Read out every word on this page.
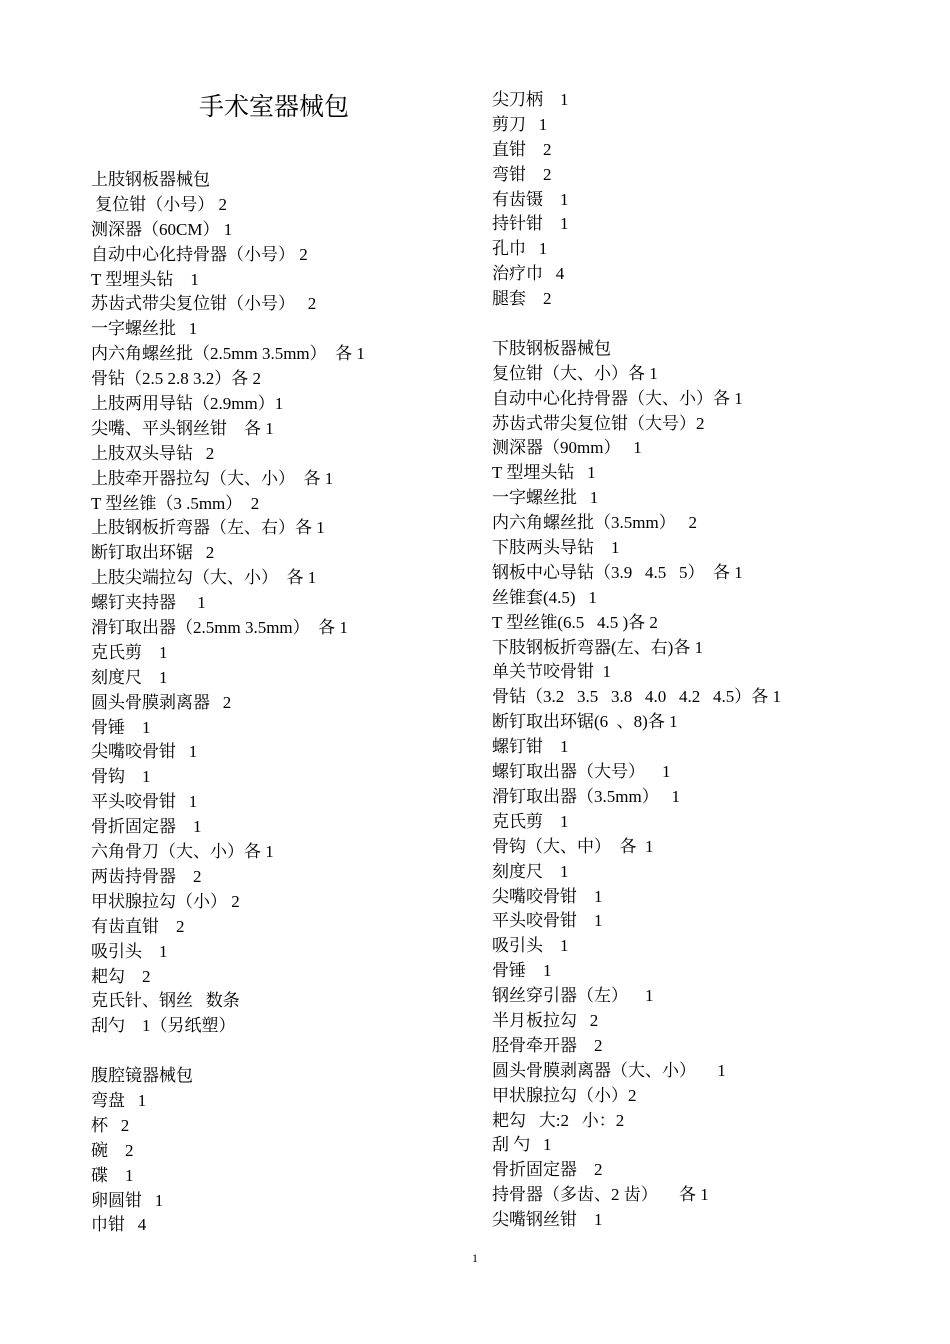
手术室器械包
上肢钢板器械包
复位钳（小号） 2
测深器（60CM） 1
自动中心化持骨器（小号） 2
T 型埋头钻    1
苏齿式带尖复位钳（小号）   2
一字螺丝批   1
内六角螺丝批（2.5mm 3.5mm）  各 1
骨钻（2.5 2.8 3.2）各 2
上肢两用导钻（2.9mm）1
尖嘴、平头钢丝钳    各 1
上肢双头导钻   2
上肢牵开器拉勾（大、小）  各 1
T 型丝锥（3 .5mm）  2
上肢钢板折弯器（左、右）各 1
断钉取出环锯   2
上肢尖端拉勾（大、小）  各 1
螺钉夹持器     1
滑钉取出器（2.5mm 3.5mm）  各 1
克氏剪    1
刻度尺    1
圆头骨膜剥离器   2
骨锤    1
尖嘴咬骨钳   1
骨钩    1
平头咬骨钳   1
骨折固定器    1
六角骨刀（大、小）各 1
两齿持骨器    2
甲状腺拉勾（小） 2
有齿直钳    2
吸引头    1
耙勾    2
克氏针、钢丝   数条
刮勺    1（另纸塑）
腹腔镜器械包
弯盘   1
杯   2
碗    2
碟    1
卵圆钳   1
巾钳   4
尖刀柄    1
剪刀   1
直钳    2
弯钳    2
有齿镊    1
持针钳    1
孔巾   1
治疗巾   4
腿套    2
下肢钢板器械包
复位钳（大、小）各 1
自动中心化持骨器（大、小）各 1
苏齿式带尖复位钳（大号）2
测深器（90mm）   1
T 型埋头钻   1
一字螺丝批   1
内六角螺丝批（3.5mm）   2
下肢两头导钻    1
钢板中心导钻（3.9   4.5   5）  各 1
丝锥套(4.5)   1
T 型丝锥(6.5   4.5 )各 2
下肢钢板折弯器(左、右)各 1
单关节咬骨钳  1
骨钻（3.2   3.5   3.8   4.0   4.2   4.5）各 1
断钉取出环锯(6  、8)各 1
螺钉钳    1
螺钉取出器（大号）    1
滑钉取出器（3.5mm）   1
克氏剪    1
骨钩（大、中）  各  1
刻度尺    1
尖嘴咬骨钳    1
平头咬骨钳    1
吸引头    1
骨锤    1
钢丝穿引器（左）    1
半月板拉勾   2
胫骨牵开器    2
圆头骨膜剥离器（大、小）     1
甲状腺拉勾（小）2
耙勾   大:2   小：2
刮 勺   1
骨折固定器    2
持骨器（多齿、2 齿）     各 1
尖嘴钢丝钳    1
1
